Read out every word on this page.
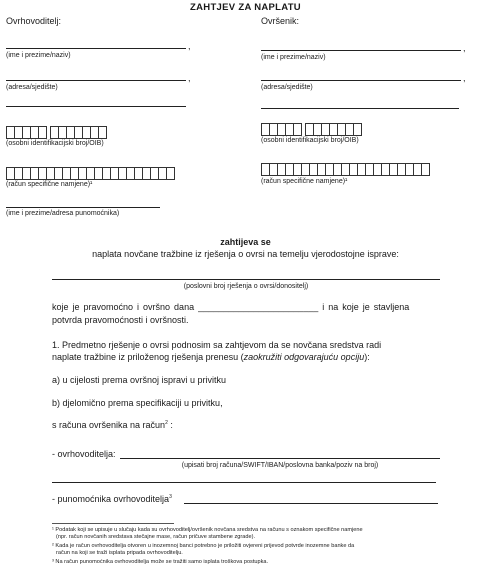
ZAHTJEV ZA NAPLATU
Ovrhovoditelj:
,
(ime i prezime/naziv)
,
(adresa/sjedište)
(osobni identifikacijski broj/OIB)
(račun specifične namjene)¹
(ime i prezime/adresa punomoćnika)
Ovršenik:
,
(ime i prezime/naziv)
,
(adresa/sjedište)
(osobni identifikacijski broj/OIB)
(račun specifične namjene)¹
zahtijeva se
naplata novčane tražbine iz rješenja o ovrsi na temelju vjerodostojne isprave:
(poslovni broj rješenja o ovrsi/donositelj)
koje je pravomoćno i ovršno dana ________________________ i na koje je stavljena
potvrda pravomoćnosti i ovršnosti.
1. Predmetno rješenje o ovrsi podnosim sa zahtjevom da se novčana sredstva radi
naplate tražbine iz priloženog rješenja prenesu (zaokružiti odgovarajuću opciju):
a) u cijelosti prema ovršnoj ispravi u privitku
b) djelomično prema specifikaciji u privitku,
s računa ovršenika na račun$^2$ :
- ovrhovoditelja:
(upisati broj računa/SWIFT/IBAN/poslovna banka/poziv na broj)
- punomoćnika ovrhovoditelja$^3$
¹ Podatak koji se upisuje u slučaju kada su ovrhovoditelj/ovršenik novčana sredstva na računu s oznakom specifične namjene
(npr. račun novčanih sredstava stečajne mase, račun pričuve stambene zgrade).
² Kada je račun ovrhovoditelja otvoren u inozemnoj banci potrebno je priložiti ovjereni prijevod potvrde inozemne banke da
račun na koji se traži isplata pripada ovrhovoditelju.
³ Na račun punomoćnika ovrhovoditelja može se tražiti samo isplata troškova postupka.
